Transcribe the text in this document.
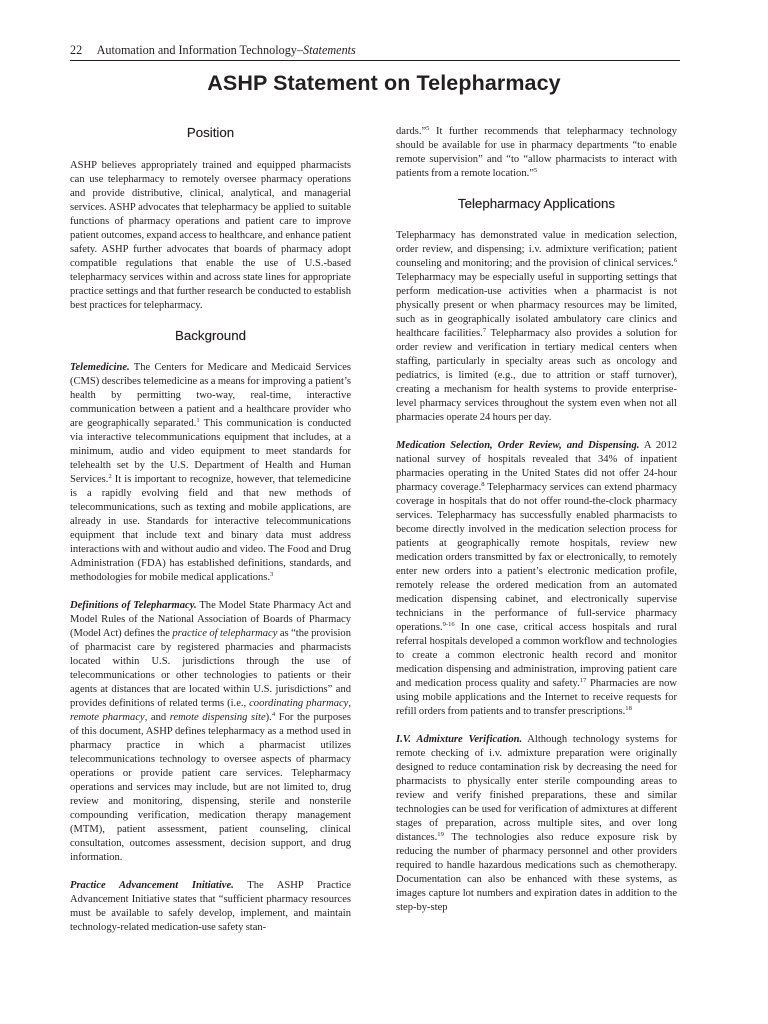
22 Automation and Information Technology–Statements
ASHP Statement on Telepharmacy
Position

ASHP believes appropriately trained and equipped pharmacists can use telepharmacy to remotely oversee pharmacy operations and provide distributive, clinical, analytical, and managerial services. ASHP advocates that telepharmacy be applied to suitable functions of pharmacy operations and patient care to improve patient outcomes, expand access to healthcare, and enhance patient safety. ASHP further advocates that boards of pharmacy adopt compatible regulations that enable the use of U.S.-based telepharmacy services within and across state lines for appropriate practice settings and that further research be conducted to establish best practices for telepharmacy.

Background

Telemedicine. The Centers for Medicare and Medicaid Services (CMS) describes telemedicine as a means for improving a patient’s health by permitting two-way, real-time, interactive communication between a patient and a healthcare provider who are geographically separated.$^1$ This communication is conducted via interactive telecommunications equipment that includes, at a minimum, audio and video equipment to meet standards for telehealth set by the U.S. Department of Health and Human Services.$^2$ It is important to recognize, however, that telemedicine is a rapidly evolving field and that new methods of telecommunications, such as texting and mobile applications, are already in use. Standards for interactive telecommunications equipment that include text and binary data must address interactions with and without audio and video. The Food and Drug Administration (FDA) has established definitions, standards, and methodologies for mobile medical applications.$^3$

Definitions of Telepharmacy. The Model State Pharmacy Act and Model Rules of the National Association of Boards of Pharmacy (Model Act) defines the practice of telepharmacy as “the provision of pharmacist care by registered pharmacies and pharmacists located within U.S. jurisdictions through the use of telecommunications or other technologies to patients or their agents at distances that are located within U.S. jurisdictions” and provides definitions of related terms (i.e., coordinating pharmacy, remote pharmacy, and remote dispensing site).$^4$ For the purposes of this document, ASHP defines telepharmacy as a method used in pharmacy practice in which a pharmacist utilizes telecommunications technology to oversee aspects of pharmacy operations or provide patient care services. Telepharmacy operations and services may include, but are not limited to, drug review and monitoring, dispensing, sterile and nonsterile compounding verification, medication therapy management (MTM), patient assessment, patient counseling, clinical consultation, outcomes assessment, decision support, and drug information.

Practice Advancement Initiative. The ASHP Practice Advancement Initiative states that “sufficient pharmacy resources must be available to safely develop, implement, and maintain technology-related medication-use safety stan-

dards.”$^5$ It further recommends that telepharmacy technology should be available for use in pharmacy departments “to enable remote supervision” and “to “allow pharmacists to interact with patients from a remote location.”$^5$

Telepharmacy Applications

Telepharmacy has demonstrated value in medication selection, order review, and dispensing; i.v. admixture verification; patient counseling and monitoring; and the provision of clinical services.$^6$ Telepharmacy may be especially useful in supporting settings that perform medication-use activities when a pharmacist is not physically present or when pharmacy resources may be limited, such as in geographically isolated ambulatory care clinics and healthcare facilities.$^7$ Telepharmacy also provides a solution for order review and verification in tertiary medical centers when staffing, particularly in specialty areas such as oncology and pediatrics, is limited (e.g., due to attrition or staff turnover), creating a mechanism for health systems to provide enterprise-level pharmacy services throughout the system even when not all pharmacies operate 24 hours per day.

Medication Selection, Order Review, and Dispensing. A 2012 national survey of hospitals revealed that 34% of inpatient pharmacies operating in the United States did not offer 24-hour pharmacy coverage.$^8$ Telepharmacy services can extend pharmacy coverage in hospitals that do not offer round-the-clock pharmacy services. Telepharmacy has successfully enabled pharmacists to become directly involved in the medication selection process for patients at geographically remote hospitals, review new medication orders transmitted by fax or electronically, to remotely enter new orders into a patient’s electronic medication profile, remotely release the ordered medication from an automated medication dispensing cabinet, and electronically supervise technicians in the performance of full-service pharmacy operations.$^{9-16}$ In one case, critical access hospitals and rural referral hospitals developed a common workflow and technologies to create a common electronic health record and monitor medication dispensing and administration, improving patient care and medication process quality and safety.$^{17}$ Pharmacies are now using mobile applications and the Internet to receive requests for refill orders from patients and to transfer prescriptions.$^{18}$

I.V. Admixture Verification. Although technology systems for remote checking of i.v. admixture preparation were originally designed to reduce contamination risk by decreasing the need for pharmacists to physically enter sterile compounding areas to review and verify finished preparations, these and similar technologies can be used for verification of admixtures at different stages of preparation, across multiple sites, and over long distances.$^{19}$ The technologies also reduce exposure risk by reducing the number of pharmacy personnel and other providers required to handle hazardous medications such as chemotherapy. Documentation can also be enhanced with these systems, as images capture lot numbers and expiration dates in addition to the step-by-step
